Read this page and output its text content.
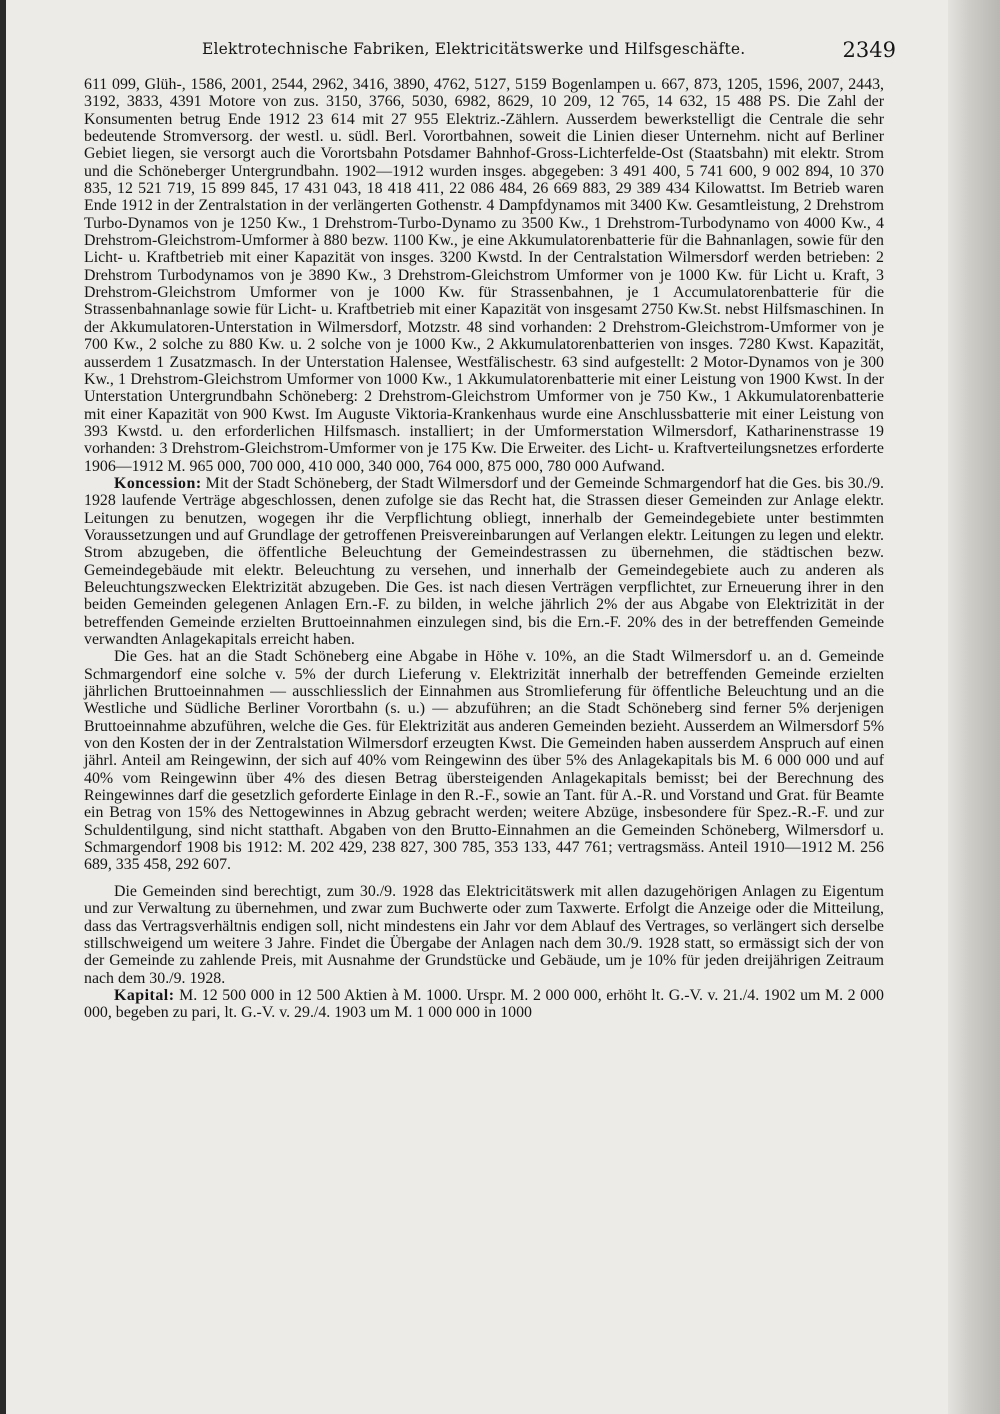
Elektrotechnische Fabriken, Elektricitätswerke und Hilfsgeschäfte.	2349

611 099, Glüh-, 1586, 2001, 2544, 2962, 3416, 3890, 4762, 5127, 5159 Bogenlampen u. 667, 873, 1205, 1596, 2007, 2443, 3192, 3833, 4391 Motore von zus. 3150, 3766, 5030, 6982, 8629, 10 209, 12 765, 14 632, 15 488 PS. Die Zahl der Konsumenten betrug Ende 1912 23 614 mit 27 955 Elektriz.-Zählern. Ausserdem bewerkstelligt die Centrale die sehr bedeutende Stromversorg. der westl. u. südl. Berl. Vorortbahnen, soweit die Linien dieser Unternehm. nicht auf Berliner Gebiet liegen, sie versorgt auch die Vorortsbahn Potsdamer Bahnhof-Gross-Lichterfelde-Ost (Staatsbahn) mit elektr. Strom und die Schöneberger Untergrundbahn. 1902—1912 wurden insges. abgegeben: 3 491 400, 5 741 600, 9 002 894, 10 370 835, 12 521 719, 15 899 845, 17 431 043, 18 418 411, 22 086 484, 26 669 883, 29 389 434 Kilowattst. Im Betrieb waren Ende 1912 in der Zentralstation in der verlängerten Gothenstr. 4 Dampfdynamos mit 3400 Kw. Gesamtleistung, 2 Drehstrom Turbo-Dynamos von je 1250 Kw., 1 Drehstrom-Turbo-Dynamo zu 3500 Kw., 1 Drehstrom-Turbodynamo von 4000 Kw., 4 Drehstrom-Gleichstrom-Umformer à 880 bezw. 1100 Kw., je eine Akkumulatorenbatterie für die Bahnanlagen, sowie für den Licht- u. Kraftbetrieb mit einer Kapazität von insges. 3200 Kwstd. In der Centralstation Wilmersdorf werden betrieben: 2 Drehstrom Turbodynamos von je 3890 Kw., 3 Drehstrom-Gleichstrom Umformer von je 1000 Kw. für Licht u. Kraft, 3 Drehstrom-Gleichstrom Umformer von je 1000 Kw. für Strassenbahnen, je 1 Accumulatorenbatterie für die Strassenbahnanlage sowie für Licht- u. Kraftbetrieb mit einer Kapazität von insgesamt 2750 Kw.St. nebst Hilfsmaschinen. In der Akkumulatoren-Unterstation in Wilmersdorf, Motzstr. 48 sind vorhanden: 2 Drehstrom-Gleichstrom-Umformer von je 700 Kw., 2 solche zu 880 Kw. u. 2 solche von je 1000 Kw., 2 Akkumulatorenbatterien von insges. 7280 Kwst. Kapazität, ausserdem 1 Zusatzmasch. In der Unterstation Halensee, Westfälischestr. 63 sind aufgestellt: 2 Motor-Dynamos von je 300 Kw., 1 Drehstrom-Gleichstrom Umformer von 1000 Kw., 1 Akkumulatorenbatterie mit einer Leistung von 1900 Kwst. In der Unterstation Untergrundbahn Schöneberg: 2 Drehstrom-Gleichstrom Umformer von je 750 Kw., 1 Akkumulatorenbatterie mit einer Kapazität von 900 Kwst. Im Auguste Viktoria-Krankenhaus wurde eine Anschlussbatterie mit einer Leistung von 393 Kwstd. u. den erforderlichen Hilfsmasch. installiert; in der Umformerstation Wilmersdorf, Katharinenstrasse 19 vorhanden: 3 Drehstrom-Gleichstrom-Umformer von je 175 Kw. Die Erweiter. des Licht- u. Kraftverteilungsnetzes erforderte 1906—1912 M. 965 000, 700 000, 410 000, 340 000, 764 000, 875 000, 780 000 Aufwand.

Koncession: Mit der Stadt Schöneberg, der Stadt Wilmersdorf und der Gemeinde Schmargendorf hat die Ges. bis 30./9. 1928 laufende Verträge abgeschlossen, denen zufolge sie das Recht hat, die Strassen dieser Gemeinden zur Anlage elektr. Leitungen zu benutzen, wogegen ihr die Verpflichtung obliegt, innerhalb der Gemeindegebiete unter bestimmten Voraussetzungen und auf Grundlage der getroffenen Preisvereinbarungen auf Verlangen elektr. Leitungen zu legen und elektr. Strom abzugeben, die öffentliche Beleuchtung der Gemeindestrassen zu übernehmen, die städtischen bezw. Gemeindegebäude mit elektr. Beleuchtung zu versehen, und innerhalb der Gemeindegebiete auch zu anderen als Beleuchtungszwecken Elektrizität abzugeben. Die Ges. ist nach diesen Verträgen verpflichtet, zur Erneuerung ihrer in den beiden Gemeinden gelegenen Anlagen Ern.-F. zu bilden, in welche jährlich 2% der aus Abgabe von Elektrizität in der betreffenden Gemeinde erzielten Bruttoeinnahmen einzulegen sind, bis die Ern.-F. 20% des in der betreffenden Gemeinde verwandten Anlagekapitals erreicht haben.

Die Ges. hat an die Stadt Schöneberg eine Abgabe in Höhe v. 10%, an die Stadt Wilmersdorf u. an d. Gemeinde Schmargendorf eine solche v. 5% der durch Lieferung v. Elektrizität innerhalb der betreffenden Gemeinde erzielten jährlichen Bruttoeinnahmen — ausschliesslich der Einnahmen aus Stromlieferung für öffentliche Beleuchtung und an die Westliche und Südliche Berliner Vorortbahn (s. u.) — abzuführen; an die Stadt Schöneberg sind ferner 5% derjenigen Bruttoeinnahme abzuführen, welche die Ges. für Elektrizität aus anderen Gemeinden bezieht. Ausserdem an Wilmersdorf 5% von den Kosten der in der Zentralstation Wilmersdorf erzeugten Kwst. Die Gemeinden haben ausserdem Anspruch auf einen jährl. Anteil am Reingewinn, der sich auf 40% vom Reingewinn des über 5% des Anlagekapitals bis M. 6 000 000 und auf 40% vom Reingewinn über 4% des diesen Betrag übersteigenden Anlagekapitals bemisst; bei der Berechnung des Reingewinnes darf die gesetzlich geforderte Einlage in den R.-F., sowie an Tant. für A.-R. und Vorstand und Grat. für Beamte ein Betrag von 15% des Nettogewinnes in Abzug gebracht werden; weitere Abzüge, insbesondere für Spez.-R.-F. und zur Schuldentilgung, sind nicht statthaft. Abgaben von den Brutto-Einnahmen an die Gemeinden Schöneberg, Wilmersdorf u. Schmargendorf 1908 bis 1912: M. 202 429, 238 827, 300 785, 353 133, 447 761; vertragsmäss. Anteil 1910—1912 M. 256 689, 335 458, 292 607.

Die Gemeinden sind berechtigt, zum 30./9. 1928 das Elektricitätswerk mit allen dazugehörigen Anlagen zu Eigentum und zur Verwaltung zu übernehmen, und zwar zum Buchwerte oder zum Taxwerte. Erfolgt die Anzeige oder die Mitteilung, dass das Vertragsverhältnis endigen soll, nicht mindestens ein Jahr vor dem Ablauf des Vertrages, so verlängert sich derselbe stillschweigend um weitere 3 Jahre. Findet die Übergabe der Anlagen nach dem 30./9. 1928 statt, so ermässigt sich der von der Gemeinde zu zahlende Preis, mit Ausnahme der Grundstücke und Gebäude, um je 10% für jeden dreijährigen Zeitraum nach dem 30./9. 1928.

Kapital: M. 12 500 000 in 12 500 Aktien à M. 1000. Urspr. M. 2 000 000, erhöht lt. G.-V. v. 21./4. 1902 um M. 2 000 000, begeben zu pari, lt. G.-V. v. 29./4. 1903 um M. 1 000 000 in 1000
